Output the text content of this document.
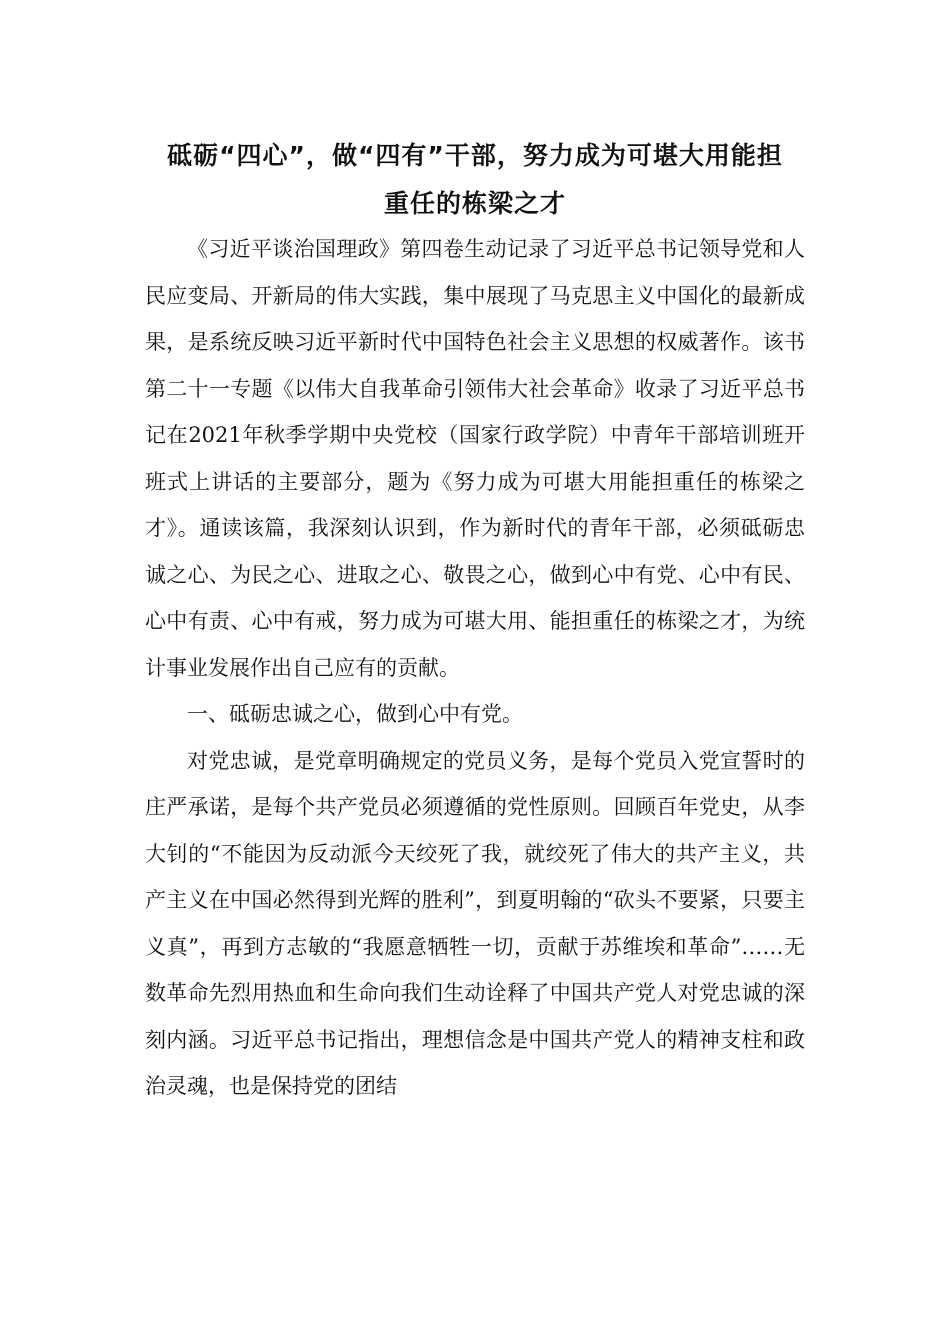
砥砺“四心”，做“四有”干部，努力成为可堪大用能担
重任的栋梁之才

《习近平谈治国理政》第四卷生动记录了习近平总书记领导党和人民应变局、开新局的伟大实践，集中展现了马克思主义中国化的最新成果，是系统反映习近平新时代中国特色社会主义思想的权威著作。该书第二十一专题《以伟大自我革命引领伟大社会革命》收录了习近平总书记在2021年秋季学期中央党校（国家行政学院）中青年干部培训班开班式上讲话的主要部分，题为《努力成为可堪大用能担重任的栋梁之才》。通读该篇，我深刻认识到，作为新时代的青年干部，必须砥砺忠诚之心、为民之心、进取之心、敬畏之心，做到心中有党、心中有民、心中有责、心中有戒，努力成为可堪大用、能担重任的栋梁之才，为统计事业发展作出自己应有的贡献。

一、砥砺忠诚之心，做到心中有党。

对党忠诚，是党章明确规定的党员义务，是每个党员入党宣誓时的庄严承诺，是每个共产党员必须遵循的党性原则。回顾百年党史，从李大钊的“不能因为反动派今天绞死了我，就绞死了伟大的共产主义，共产主义在中国必然得到光辉的胜利”，到夏明翰的“砍头不要紧，只要主义真”，再到方志敏的“我愿意牺牲一切，贡献于苏维埃和革命”……无数革命先烈用热血和生命向我们生动诠释了中国共产党人对党忠诚的深刻内涵。习近平总书记指出，理想信念是中国共产党人的精神支柱和政治灵魂，也是保持党的团结
